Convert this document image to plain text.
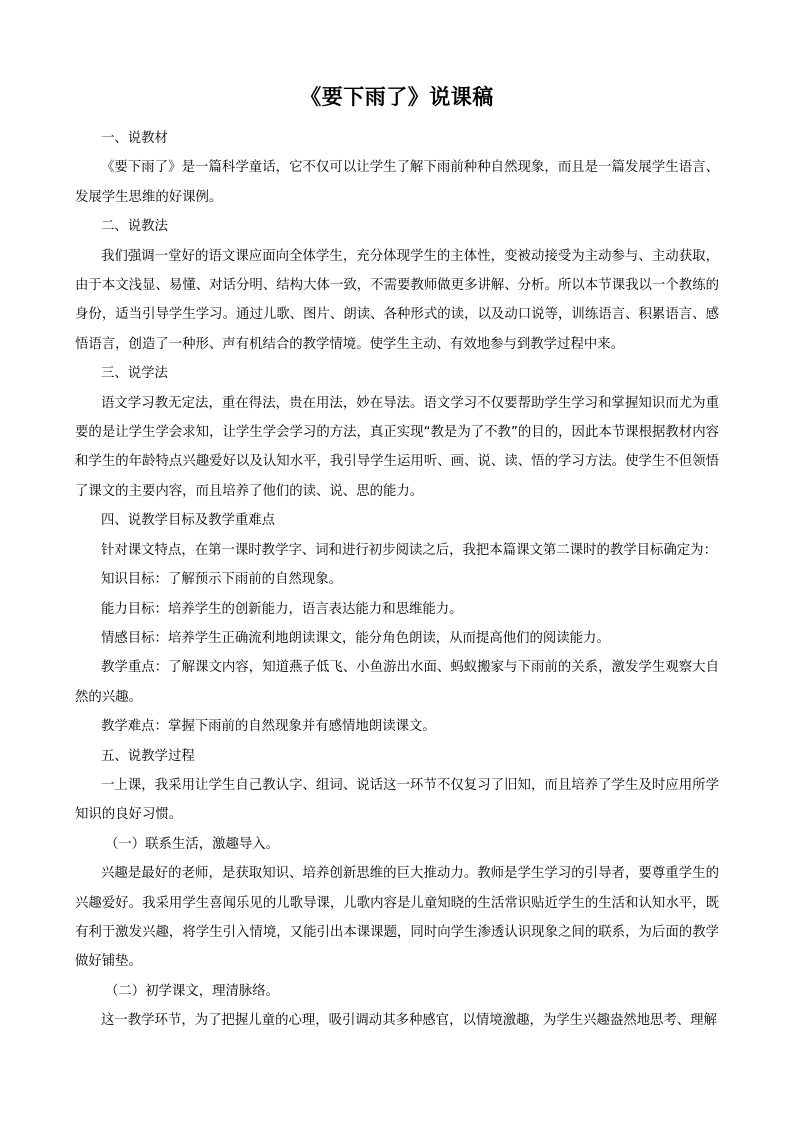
《要下雨了》说课稿

一、说教材

《要下雨了》是一篇科学童话，它不仅可以让学生了解下雨前种种自然现象，而且是一篇发展学生语言、发展学生思维的好课例。

二、说教法

我们强调一堂好的语文课应面向全体学生，充分体现学生的主体性，变被动接受为主动参与、主动获取，由于本文浅显、易懂、对话分明、结构大体一致，不需要教师做更多讲解、分析。所以本节课我以一个教练的身份，适当引导学生学习。通过儿歌、图片、朗读、各种形式的读，以及动口说等，训练语言、积累语言、感悟语言，创造了一种形、声有机结合的教学情境。使学生主动、有效地参与到教学过程中来。

三、说学法

语文学习教无定法，重在得法，贵在用法，妙在导法。语文学习不仅要帮助学生学习和掌握知识而尤为重要的是让学生学会求知，让学生学会学习的方法，真正实现“教是为了不教”的目的，因此本节课根据教材内容和学生的年龄特点兴趣爱好以及认知水平，我引导学生运用听、画、说、读、悟的学习方法。使学生不但领悟了课文的主要内容，而且培养了他们的读、说、思的能力。

四、说教学目标及教学重难点

针对课文特点，在第一课时教学字、词和进行初步阅读之后，我把本篇课文第二课时的教学目标确定为：

知识目标：了解预示下雨前的自然现象。

能力目标：培养学生的创新能力，语言表达能力和思维能力。

情感目标：培养学生正确流利地朗读课文，能分角色朗读，从而提高他们的阅读能力。

教学重点：了解课文内容，知道燕子低飞、小鱼游出水面、蚂蚁搬家与下雨前的关系，激发学生观察大自然的兴趣。

教学难点：掌握下雨前的自然现象并有感情地朗读课文。

五、说教学过程

一上课，我采用让学生自己教认字、组词、说话这一环节不仅复习了旧知，而且培养了学生及时应用所学知识的良好习惯。

（一）联系生活，激趣导入。

兴趣是最好的老师，是获取知识、培养创新思维的巨大推动力。教师是学生学习的引导者，要尊重学生的兴趣爱好。我采用学生喜闻乐见的儿歌导课，儿歌内容是儿童知晓的生活常识贴近学生的生活和认知水平，既有利于激发兴趣，将学生引入情境，又能引出本课课题，同时向学生渗透认识现象之间的联系，为后面的教学做好铺垫。

（二）初学课文，理清脉络。

这一教学环节，为了把握儿童的心理，吸引调动其多种感官，以情境激趣，为学生兴趣盎然地思考、理解
